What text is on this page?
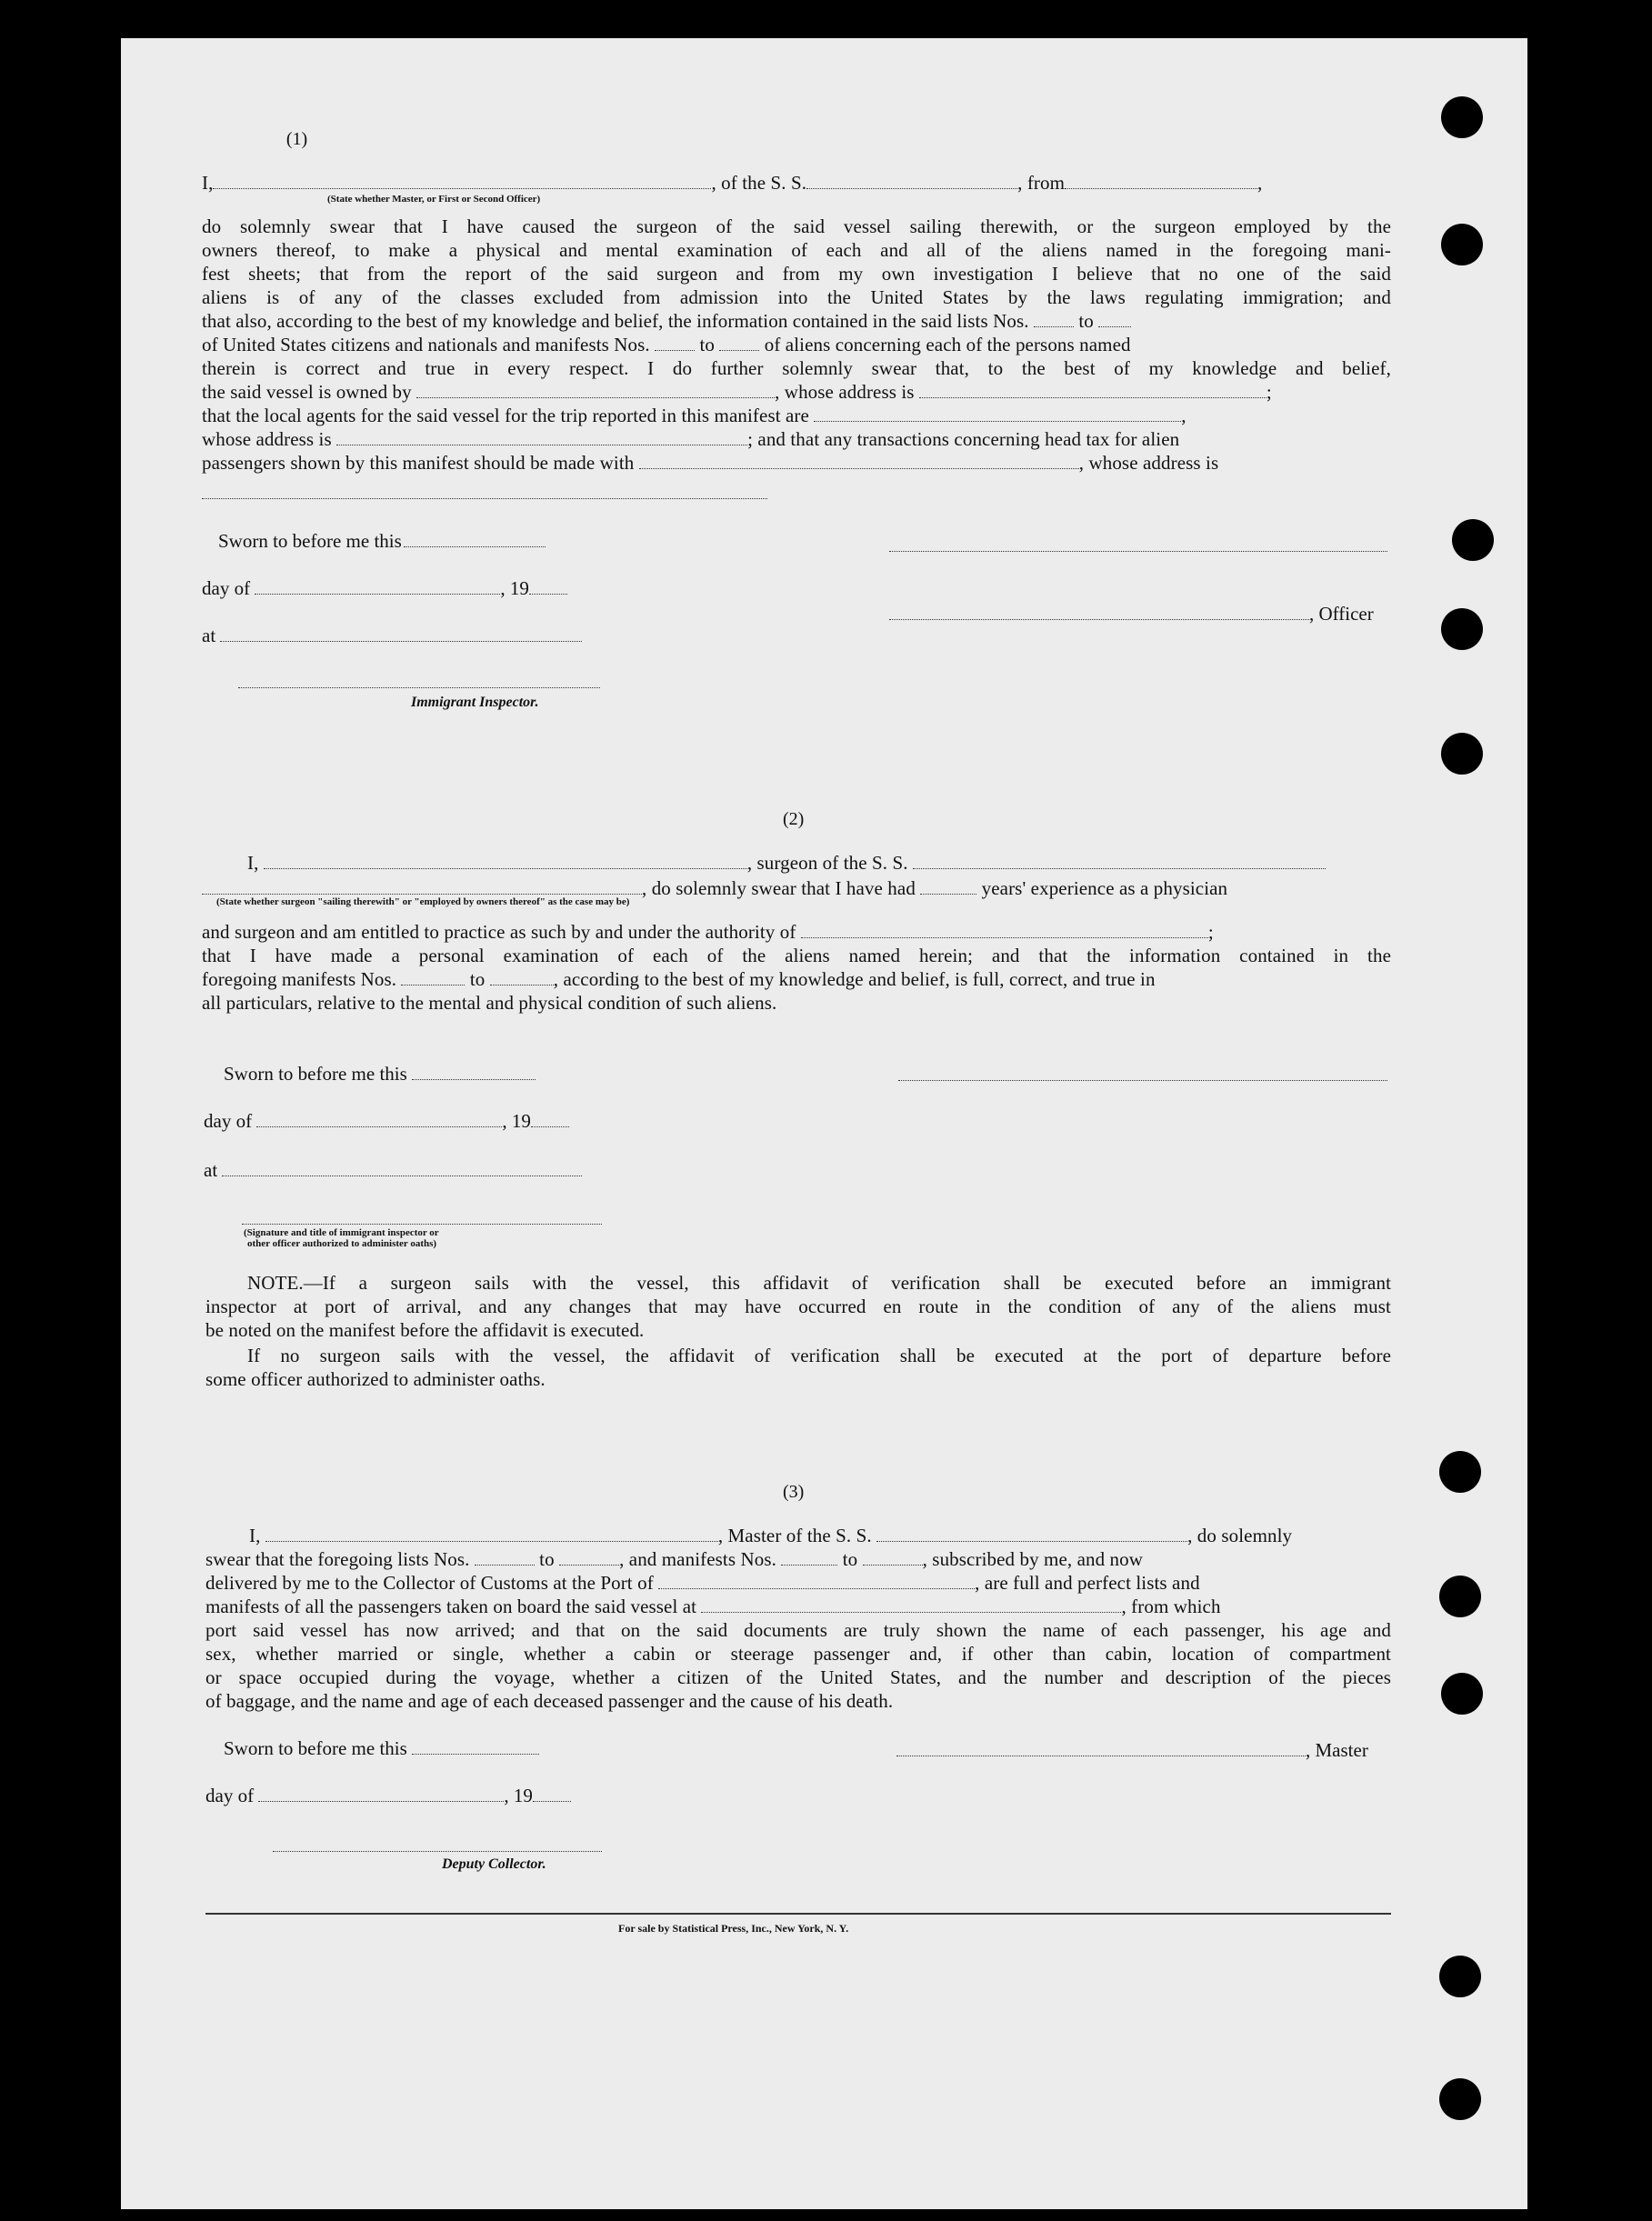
(1)
I,	, of the S. S.	, from	,
(State whether Master, or First or Second Officer)
do solemnly swear that I have caused the surgeon of the said vessel sailing therewith, or the surgeon employed by the
owners thereof, to make a physical and mental examination of each and all of the aliens named in the foregoing mani-
fest sheets; that from the report of the said surgeon and from my own investigation I believe that no one of the said
aliens is of any of the classes excluded from admission into the United States by the laws regulating immigration; and
that also, according to the best of my knowledge and belief, the information contained in the said lists Nos.	to
of United States citizens and nationals and manifests Nos.	to	of aliens concerning each of the persons named
therein is correct and true in every respect. I do further solemnly swear that, to the best of my knowledge and belief,
the said vessel is owned by	, whose address is	;
that the local agents for the said vessel for the trip reported in this manifest are	,
whose address is	; and that any transactions concerning head tax for alien
passengers shown by this manifest should be made with	, whose address is
Sworn to before me this
day of	, 19
at
Immigrant Inspector.
, Officer
(2)
I,	, surgeon of the S. S.
, do solemnly swear that I have had	years' experience as a physician
(State whether surgeon "sailing therewith" or "employed by owners thereof" as the case may be)
and surgeon and am entitled to practice as such by and under the authority of	;
that I have made a personal examination of each of the aliens named herein; and that the information contained in the
foregoing manifests Nos.	to	, according to the best of my knowledge and belief, is full, correct, and true in
all particulars, relative to the mental and physical condition of such aliens.
Sworn to before me this
day of	, 19
at
(Signature and title of immigrant inspector or
other officer authorized to administer oaths)
NOTE.—If a surgeon sails with the vessel, this affidavit of verification shall be executed before an immigrant
inspector at port of arrival, and any changes that may have occurred en route in the condition of any of the aliens must
be noted on the manifest before the affidavit is executed.
If no surgeon sails with the vessel, the affidavit of verification shall be executed at the port of departure before
some officer authorized to administer oaths.
(3)
I,	, Master of the S. S.	, do solemnly
swear that the foregoing lists Nos.	to	, and manifests Nos.	to	, subscribed by me, and now
delivered by me to the Collector of Customs at the Port of	, are full and perfect lists and
manifests of all the passengers taken on board the said vessel at	, from which
port said vessel has now arrived; and that on the said documents are truly shown the name of each passenger, his age and
sex, whether married or single, whether a cabin or steerage passenger and, if other than cabin, location of compartment
or space occupied during the voyage, whether a citizen of the United States, and the number and description of the pieces
of baggage, and the name and age of each deceased passenger and the cause of his death.
Sworn to before me this	, Master
day of	, 19
Deputy Collector.
For sale by Statistical Press, Inc., New York, N. Y.
